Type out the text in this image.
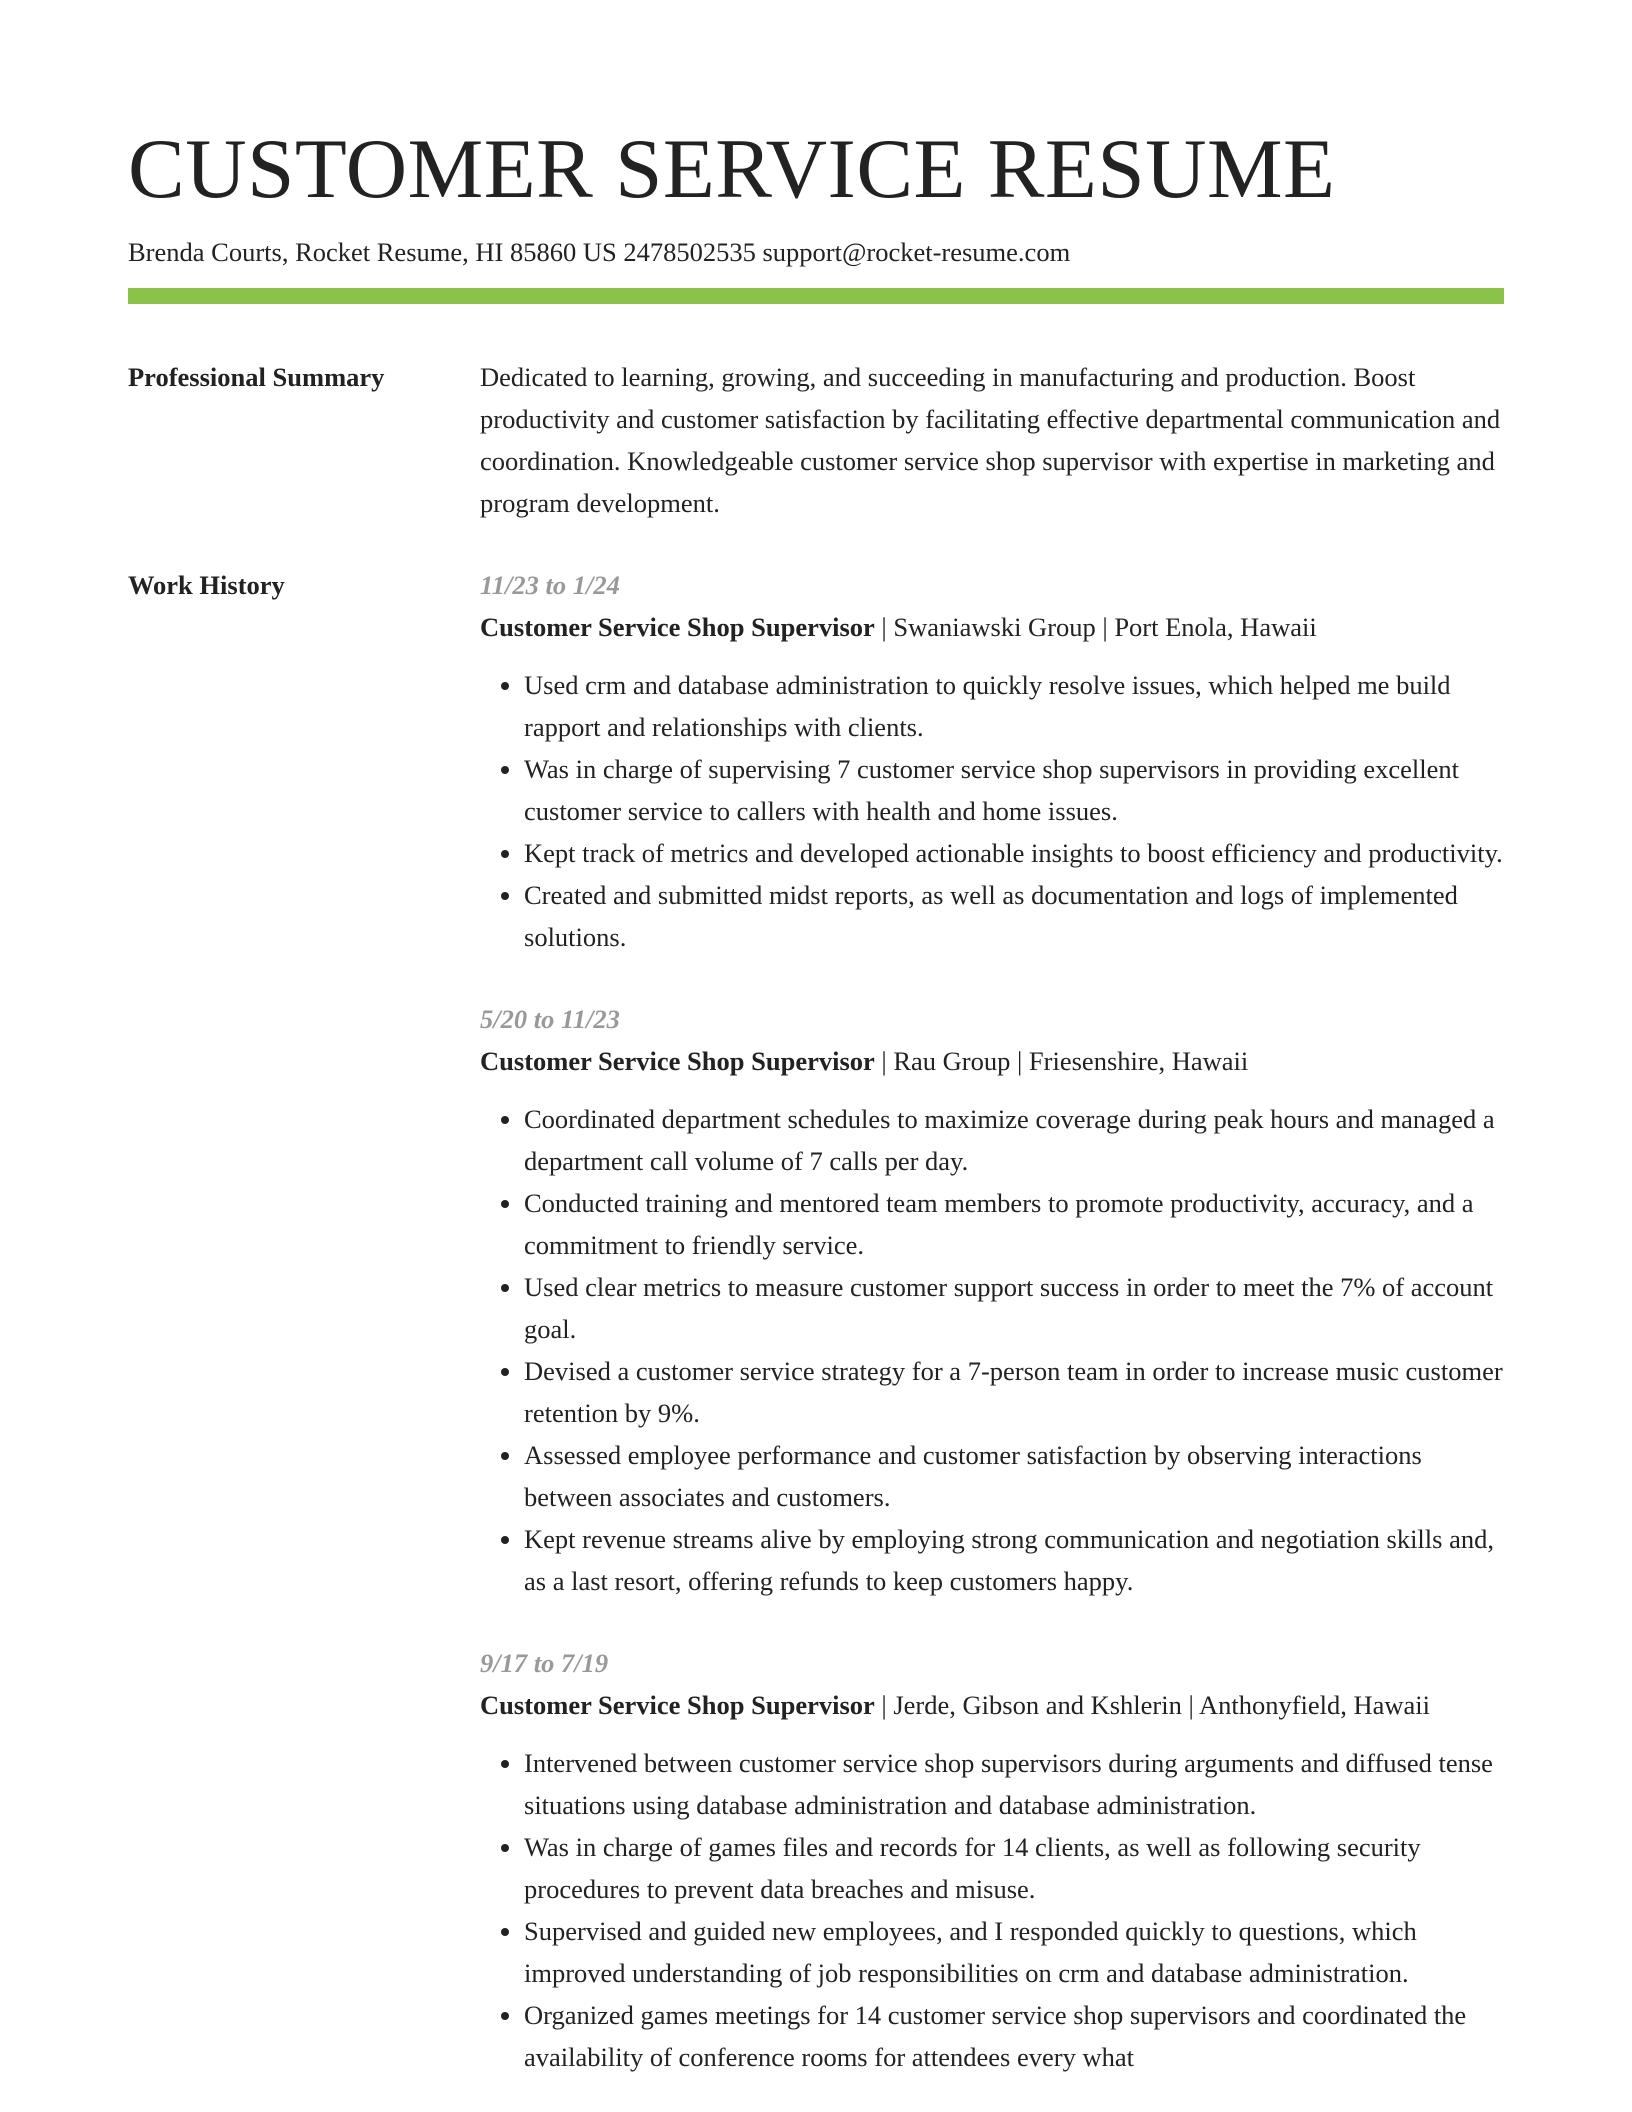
CUSTOMER SERVICE RESUME
Brenda Courts, Rocket Resume, HI 85860 US 2478502535 support@rocket-resume.com
Professional Summary	Dedicated to learning, growing, and succeeding in manufacturing and production. Boost productivity and customer satisfaction by facilitating effective departmental communication and coordination. Knowledgeable customer service shop supervisor with expertise in marketing and program development.

Work History	11/23 to 1/24
Customer Service Shop Supervisor | Swaniawski Group | Port Enola, Hawaii
• Used crm and database administration to quickly resolve issues, which helped me build rapport and relationships with clients.
• Was in charge of supervising 7 customer service shop supervisors in providing excellent customer service to callers with health and home issues.
• Kept track of metrics and developed actionable insights to boost efficiency and productivity.
• Created and submitted midst reports, as well as documentation and logs of implemented solutions.
5/20 to 11/23
Customer Service Shop Supervisor | Rau Group | Friesenshire, Hawaii
• Coordinated department schedules to maximize coverage during peak hours and managed a department call volume of 7 calls per day.
• Conducted training and mentored team members to promote productivity, accuracy, and a commitment to friendly service.
• Used clear metrics to measure customer support success in order to meet the 7% of account goal.
• Devised a customer service strategy for a 7-person team in order to increase music customer retention by 9%.
• Assessed employee performance and customer satisfaction by observing interactions between associates and customers.
• Kept revenue streams alive by employing strong communication and negotiation skills and, as a last resort, offering refunds to keep customers happy.
9/17 to 7/19
Customer Service Shop Supervisor | Jerde, Gibson and Kshlerin | Anthonyfield, Hawaii
• Intervened between customer service shop supervisors during arguments and diffused tense situations using database administration and database administration.
• Was in charge of games files and records for 14 clients, as well as following security procedures to prevent data breaches and misuse.
• Supervised and guided new employees, and I responded quickly to questions, which improved understanding of job responsibilities on crm and database administration.
• Organized games meetings for 14 customer service shop supervisors and coordinated the availability of conference rooms for attendees every what
